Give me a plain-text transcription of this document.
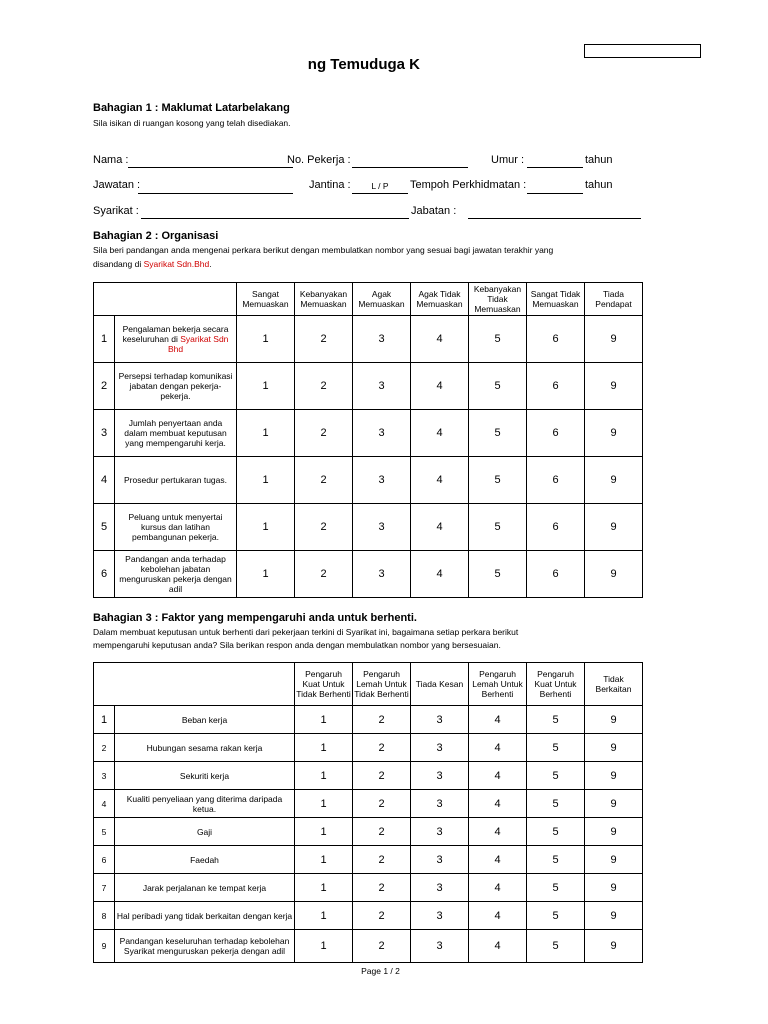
ng Temuduga K
Bahagian 1 : Maklumat Latarbelakang
Sila isikan di ruangan kosong yang telah disediakan.
Nama :	No. Pekerja :	Umur :	tahun
Jawatan :	Jantina :	L / P	Tempoh Perkhidmatan :	tahun
Syarikat :	Jabatan :
Bahagian 2 : Organisasi
Sila beri pandangan anda mengenai perkara berikut dengan membulatkan nombor yang sesuai bagi jawatan terakhir yang
disandang di Syarikat Sdn.Bhd.
		Sangat Memuaskan	Kebanyakan Memuaskan	Agak Memuaskan	Agak Tidak Memuaskan	Kebanyakan Tidak Memuaskan	Sangat Tidak Memuaskan	Tiada Pendapat
1	Pengalaman bekerja secara keseluruhan di Syarikat Sdn Bhd	1	2	3	4	5	6	9
2	Persepsi terhadap komunikasi jabatan dengan pekerja-pekerja.	1	2	3	4	5	6	9
3	Jumlah penyertaan anda dalam membuat keputusan yang mempengaruhi kerja.	1	2	3	4	5	6	9
4	Prosedur pertukaran tugas.	1	2	3	4	5	6	9
5	Peluang untuk menyertai kursus dan latihan pembangunan pekerja.	1	2	3	4	5	6	9
6	Pandangan anda terhadap kebolehan jabatan menguruskan pekerja dengan adil	1	2	3	4	5	6	9
Bahagian 3 : Faktor yang mempengaruhi anda untuk berhenti.
Dalam membuat keputusan untuk berhenti dari pekerjaan terkini di Syarikat ini, bagaimana setiap perkara berikut
mempengaruhi keputusan anda? Sila berikan respon anda dengan membulatkan nombor yang bersesuaian.
		Pengaruh Kuat Untuk Tidak Berhenti	Pengaruh Lemah Untuk Tidak Berhenti	Tiada Kesan	Pengaruh Lemah Untuk Berhenti	Pengaruh Kuat Untuk Berhenti	Tidak Berkaitan
1	Beban kerja	1	2	3	4	5	9
2	Hubungan sesama rakan kerja	1	2	3	4	5	9
3	Sekuriti kerja	1	2	3	4	5	9
4	Kualiti penyeliaan yang diterima daripada ketua.	1	2	3	4	5	9
5	Gaji	1	2	3	4	5	9
6	Faedah	1	2	3	4	5	9
7	Jarak perjalanan ke tempat kerja	1	2	3	4	5	9
8	Hal peribadi yang tidak berkaitan dengan kerja	1	2	3	4	5	9
9	Pandangan keseluruhan terhadap kebolehan Syarikat menguruskan pekerja dengan adil	1	2	3	4	5	9
Page 1 / 2
